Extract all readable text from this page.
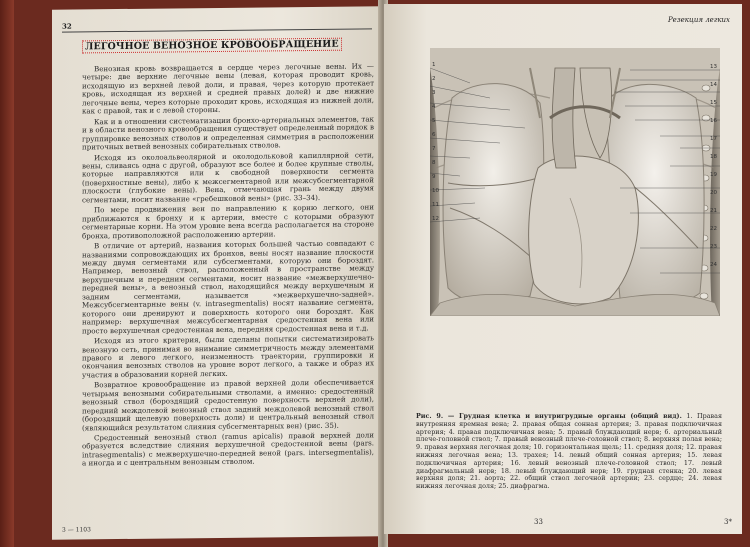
32
ЛЕГОЧНОЕ ВЕНОЗНОЕ КРОВООБРАЩЕНИЕ

Венозная кровь возвращается в сердце через легочные вены. Их — четыре: две верхние легочные вены (левая, которая проводит кровь, исходящую из верхней левой доли, и правая, через которую протекает кровь, исходящая из верхней и средней правых долей) и две нижние легочные вены, через которые проходит кровь, исходящая из нижней доли, как с правой, так и с левой стороны.

Как и в отношении систематизации бронхо-артериальных элементов, так и в области венозного кровообращения существует определенный порядок в группировке венозных стволов и определенная симметрия в расположении приточных ветвей венозных собирательных стволов.

Исходя из околоальвеолярной и околодольковой капиллярной сети, вены, сливаясь одна с другой, образуют все более и более крупные стволы, которые направляются или к свободной поверхности сегмента (поверхностные вены), либо к межсегментарной или межсубсегментарной плоскости (глубокие вены). Вена, отмечающая грань между двумя сегментами, носит название «гребешковой вены» (рис. 33–34).

По мере продвижения вен по направлению к корню легкого, они приближаются к бронху и к артерии, вместе с которыми образуют сегментарные корни. На этом уровне вена всегда располагается на стороне бронха, противоположной расположению артерии.

В отличие от артерий, названия которых большей частью совпадают с названиями сопровождающих их бронхов, вены носят название плоскости между двумя сегментами или субсегментами, которую они бороздят. Например, венозный ствол, расположенный в пространстве между верхушечным и передним сегментами, носит название «межверхушечно-передней вены», а венозный ствол, находящийся между верхушечным и задним сегментами, называется «межверхушечно-задней». Межсубсегментарные вены (v. intrasegmentalis) носят название сегмента, которого они дренируют и поверхность которого они бороздят. Как например: верхушечная межсубсегментарная средостенная вена или просто верхушечная средостенная вена, передняя средостенная вена и т.д.

Исходя из этого критерия, были сделаны попытки систематизировать венозную сеть, принимая во внимание симметричность между элементами правого и левого легкого, неизменность траектории, группировки и окончания венозных стволов на уровне ворот легкого, а также и образ их участия в образовании корней легких.

Возвратное кровообращение из правой верхней доли обеспечивается четырьмя венозными собирательными стволами, а именно: средостенный венозный ствол (бороздящий средостенную поверхность верхней доли), передний междолевой венозный ствол задний междолевой венозный ствол (бороздящий щелевую поверхность доли) и центральный венозный ствол (являющийся результатом слияния субсегментарных вен) (рис. 35).

Средостенный венозный ствол (ramus apicalis) правой верхней доли образуется вследствие слияния верхушечной средостенной вены (pars. intrasegmentalis) с межверхушечно-передней веной (pars. intersegmentalis), а иногда и с центральным венозным стволом.

3 — 1103
Резекция легких
1
2
3
4
5
6
7
8
9
10
11
12
13
14
15
16
17
18
19
20
21
22
23
24
Рис. 9. — Грудная клетка и внутригрудные органы (общий вид). 1. Правая внутренняя яремная вена; 2. правая общая сонная артерия; 3. правая подключичная артерия; 4. правая подключичная вена; 5. правый блуждающий нерв; 6. артериальный плече-головной ствол; 7. правый венозный плече-головной ствол; 8. верхняя полая вена; 9. правая верхняя легочная доля; 10. горизонтальная щель; 11. средняя доля; 12. правая нижняя легочная вена; 13. трахея; 14. левый общий сонная артерия; 15. левая подключичная артерия; 16. левый венозный плече-головной ствол; 17. левый диафрагмальный нерв; 18. левый блуждающий нерв; 19. грудная стенка; 20. левая верхняя доля; 21. аорта; 22. общий ствол легочной артерии; 23. сердце; 24. левая нижняя легочная доля; 25. диафрагма.
33	3*
